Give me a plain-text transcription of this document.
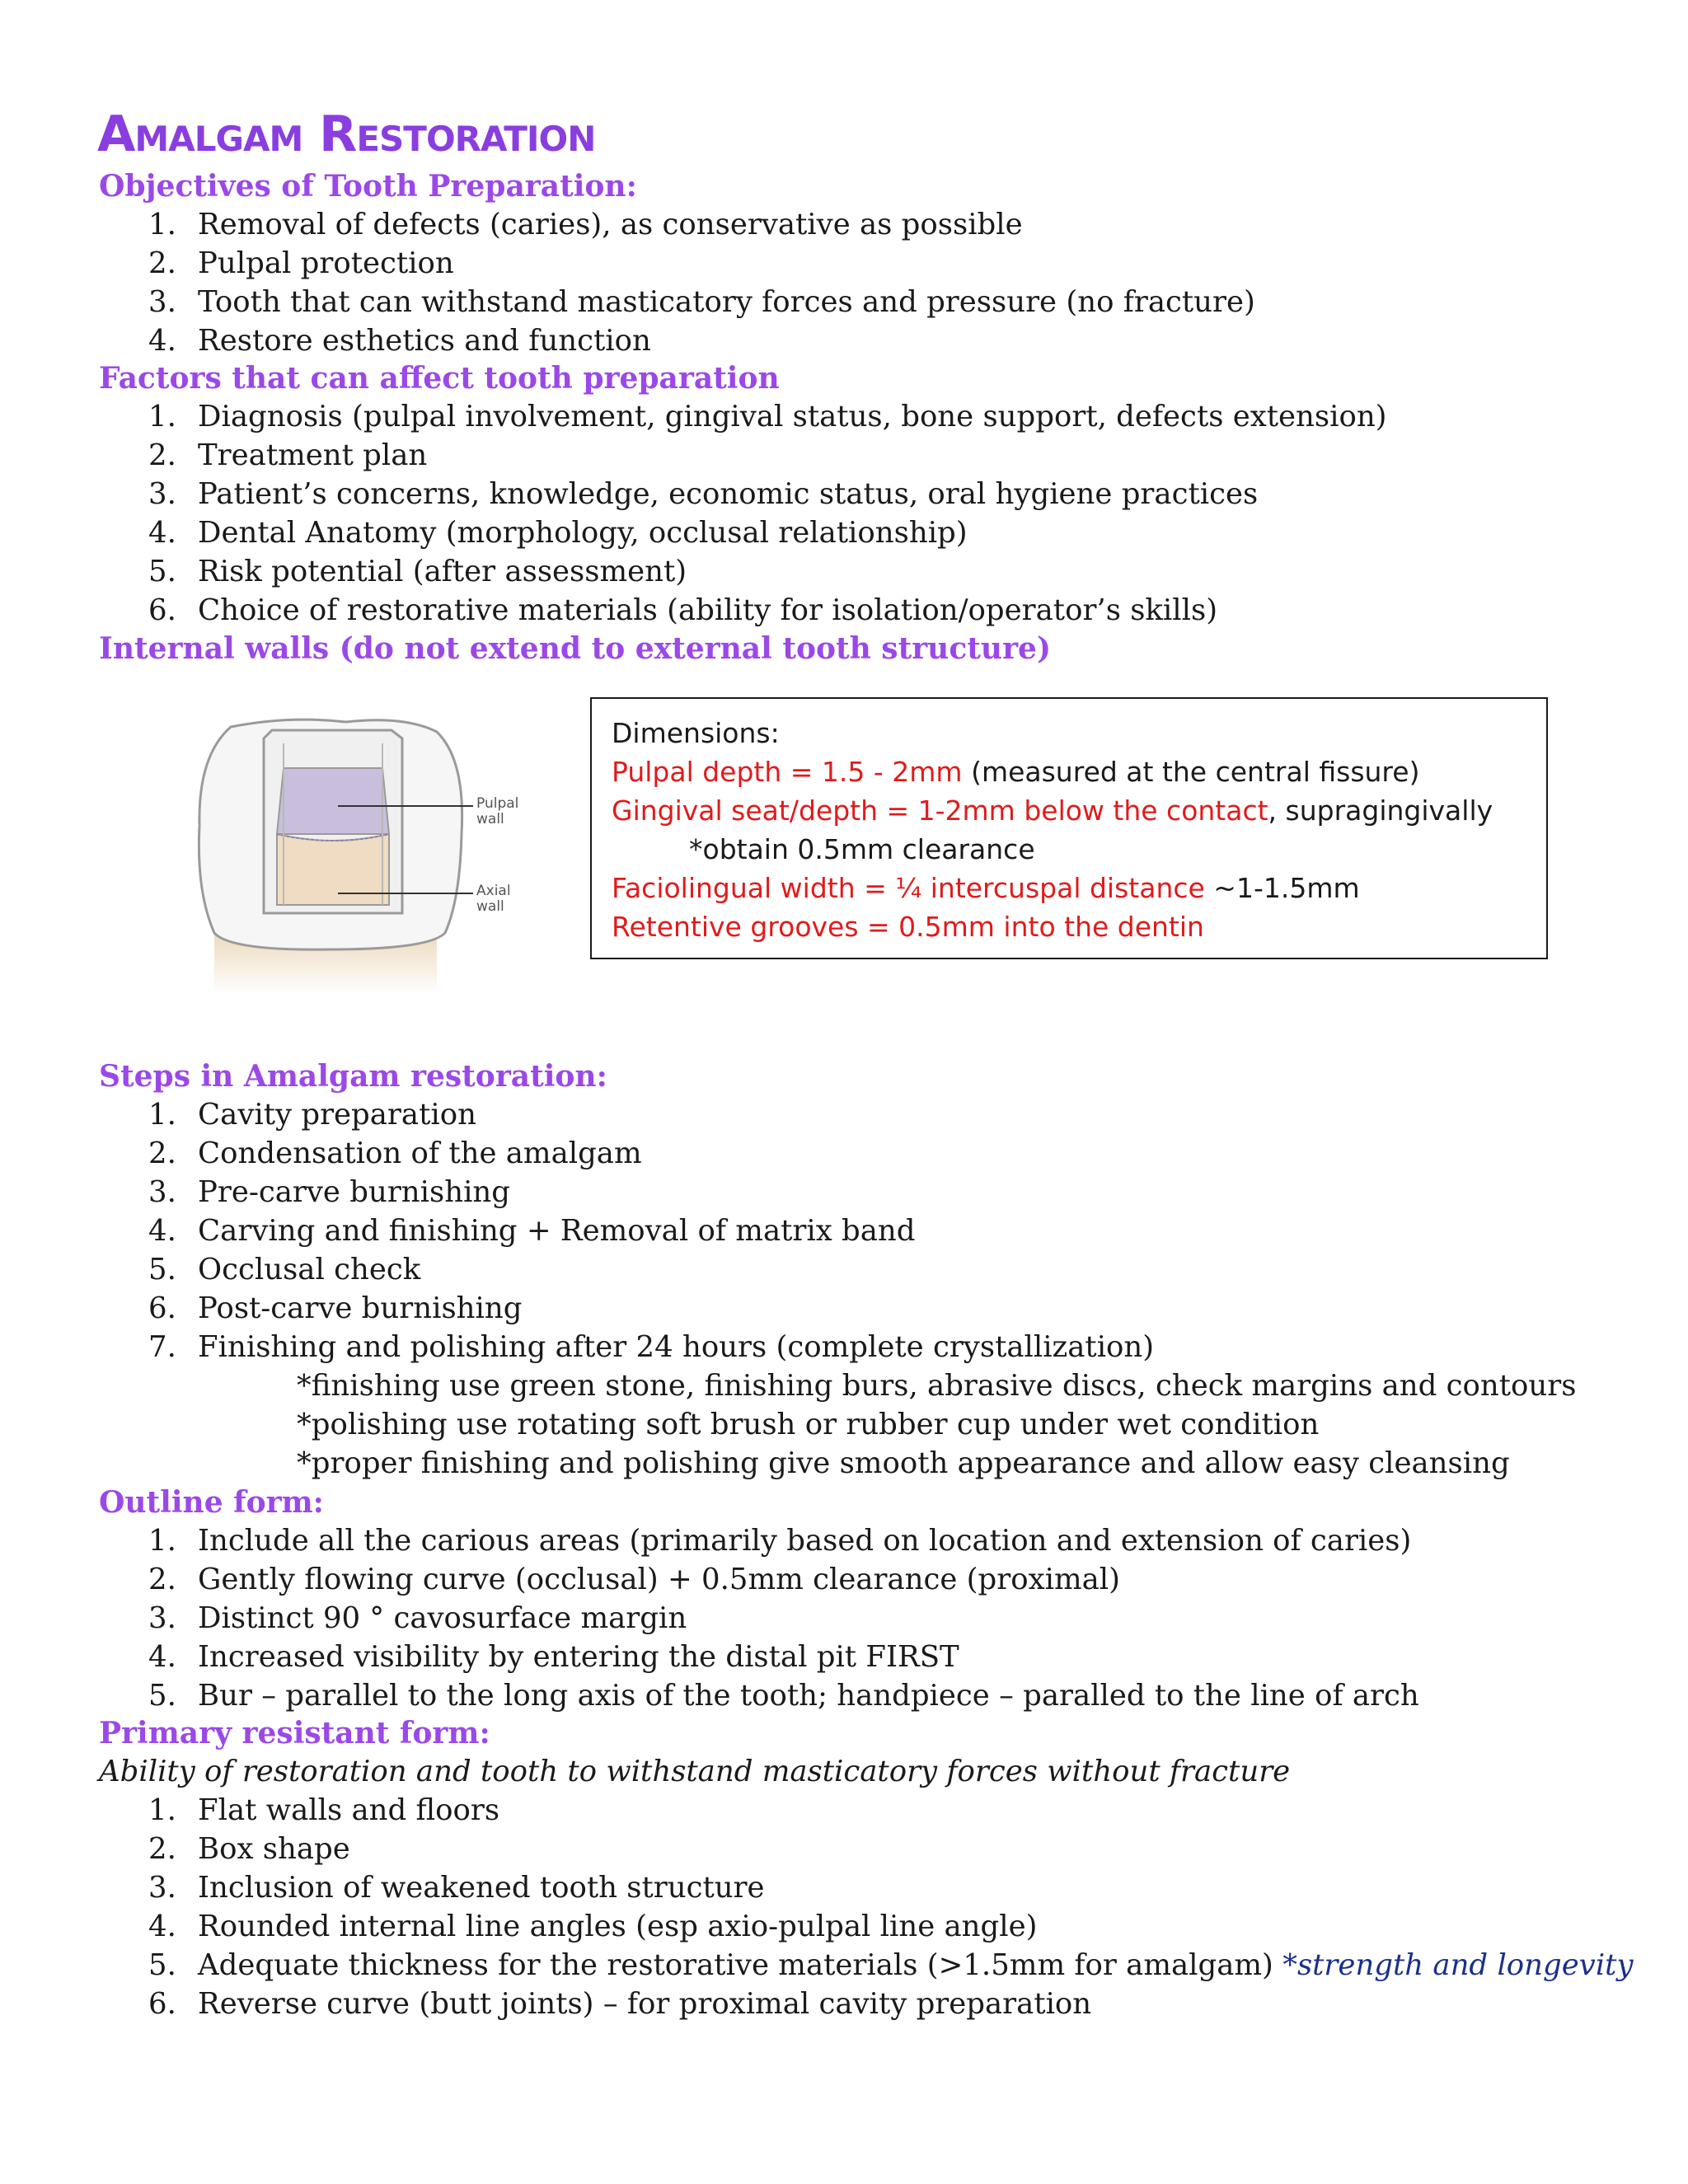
Amalgam Restoration
Objectives of Tooth Preparation:
1. Removal of defects (caries), as conservative as possible
2. Pulpal protection
3. Tooth that can withstand masticatory forces and pressure (no fracture)
4. Restore esthetics and function
Factors that can affect tooth preparation
1. Diagnosis (pulpal involvement, gingival status, bone support, defects extension)
2. Treatment plan
3. Patient’s concerns, knowledge, economic status, oral hygiene practices
4. Dental Anatomy (morphology, occlusal relationship)
5. Risk potential (after assessment)
6. Choice of restorative materials (ability for isolation/operator’s skills)
Internal walls (do not extend to external tooth structure)
Pulpal
wall
Axial
wall
Dimensions:
Pulpal depth = 1.5 - 2mm (measured at the central fissure)
Gingival seat/depth = 1-2mm below the contact, supragingivally
*obtain 0.5mm clearance
Faciolingual width = ¼ intercuspal distance ~1-1.5mm
Retentive grooves = 0.5mm into the dentin
Steps in Amalgam restoration:
1. Cavity preparation
2. Condensation of the amalgam
3. Pre-carve burnishing
4. Carving and finishing + Removal of matrix band
5. Occlusal check
6. Post-carve burnishing
7. Finishing and polishing after 24 hours (complete crystallization)
*finishing use green stone, finishing burs, abrasive discs, check margins and contours
*polishing use rotating soft brush or rubber cup under wet condition
*proper finishing and polishing give smooth appearance and allow easy cleansing
Outline form:
1. Include all the carious areas (primarily based on location and extension of caries)
2. Gently flowing curve (occlusal) + 0.5mm clearance (proximal)
3. Distinct 90 ° cavosurface margin
4. Increased visibility by entering the distal pit FIRST
5. Bur – parallel to the long axis of the tooth; handpiece – paralled to the line of arch
Primary resistant form:
Ability of restoration and tooth to withstand masticatory forces without fracture
1. Flat walls and floors
2. Box shape
3. Inclusion of weakened tooth structure
4. Rounded internal line angles (esp axio-pulpal line angle)
5. Adequate thickness for the restorative materials (>1.5mm for amalgam) *strength and longevity
6. Reverse curve (butt joints) – for proximal cavity preparation
